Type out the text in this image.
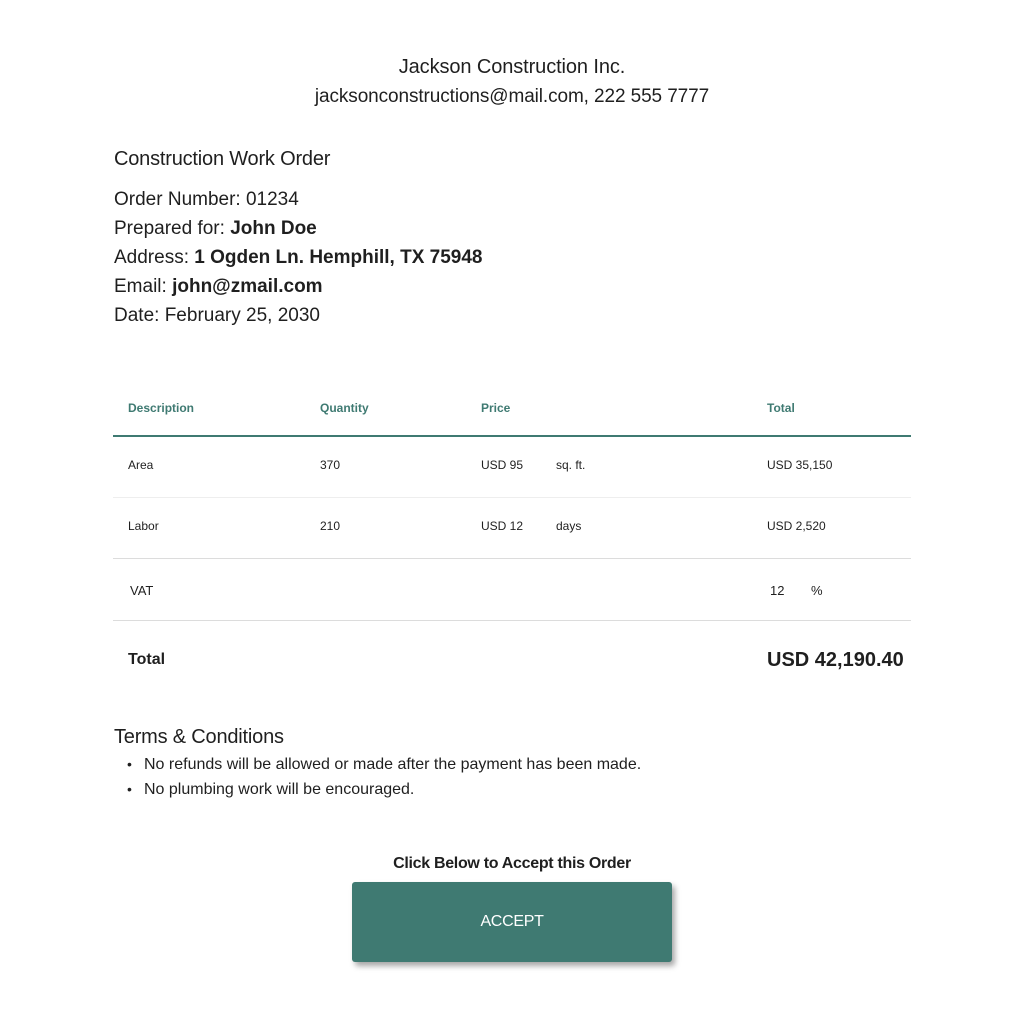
Jackson Construction Inc.
jacksonconstructions@mail.com, 222 555 7777
Construction Work Order
Order Number: 01234
Prepared for: John Doe
Address: 1 Ogden Ln. Hemphill, TX 75948
Email: john@zmail.com
Date: February 25, 2030
Description	Quantity	Price	Total
Area	370	USD 95	sq. ft.	USD 35,150
Labor	210	USD 12	days	USD 2,520
VAT	12 %
Total	USD 42,190.40
Terms & Conditions
• No refunds will be allowed or made after the payment has been made.
• No plumbing work will be encouraged.
Click Below to Accept this Order
ACCEPT
